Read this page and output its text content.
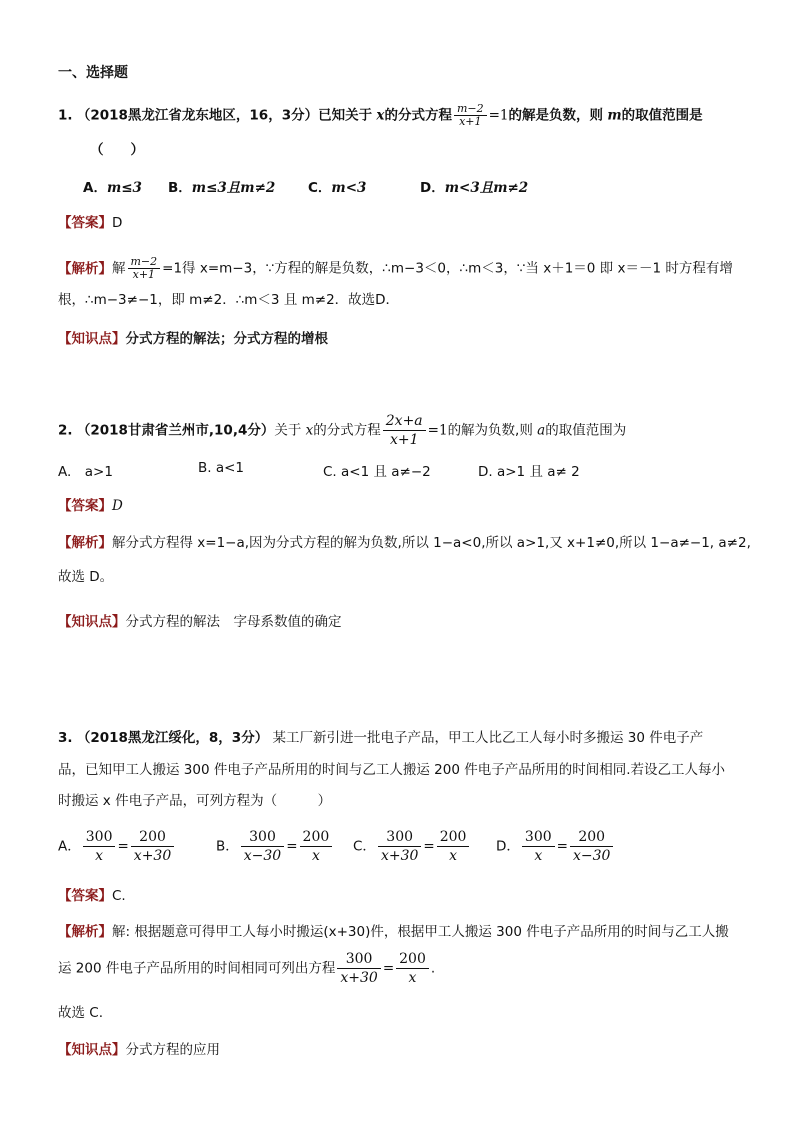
一、选择题
1. （2018黑龙江省龙东地区，16，3分）已知关于 x的分式方程 $\frac{m-2}{x+1} =1$的解是负数，则 m的取值范围是
（　　）
A．m≤3 B．m≤3且m≠2 C．m<3	D．m<3且m≠2
【答案】D
【解析】解 $\frac{m-2}{x+1} =1$得 x=m−3，∵方程的解是负数，∴m−3＜0，∴m＜3，∵当 x＋1＝0 即 x＝－1 时方程有增
根，∴m−3≠−1，即 m≠2．∴m＜3 且 m≠2．故选D．
【知识点】分式方程的解法；分式方程的增根
2. （2018甘肃省兰州市,10,4分）关于 x的分式方程 $\frac{2x+a}{x+1} =1$的解为负数,则 a的取值范围为
A.　a>1	B. a<1	C. a<1 且 a≠−2	D. a>1 且 a≠ 2
【答案】D
【解析】解分式方程得 x=1−a,因为分式方程的解为负数,所以 1−a<0,所以 a>1,又 x+1≠0,所以 1−a≠−1, a≠2,
故选 D。
【知识点】分式方程的解法　字母系数值的确定
3. （2018黑龙江绥化，8，3分） 某工厂新引进一批电子产品，甲工人比乙工人每小时多搬运 30 件电子产
品，已知甲工人搬运 300 件电子产品所用的时间与乙工人搬运 200 件电子产品所用的时间相同.若设乙工人每小
时搬运 x 件电子产品，可列方程为（　　　）
A． $\frac{300}{x} = \frac{200}{x+30}$	B． $\frac{300}{x-30} = \frac{200}{x}$ C． $\frac{300}{x+30} = \frac{200}{x}$ D． $\frac{300}{x} = \frac{200}{x-30}$
【答案】C.
【解析】解: 根据题意可得甲工人每小时搬运(x+30)件，根据甲工人搬运 300 件电子产品所用的时间与乙工人搬
运 200 件电子产品所用的时间相同可列出方程 $\frac{300}{x+30} = \frac{200}{x}$ .
故选 C.
【知识点】分式方程的应用
